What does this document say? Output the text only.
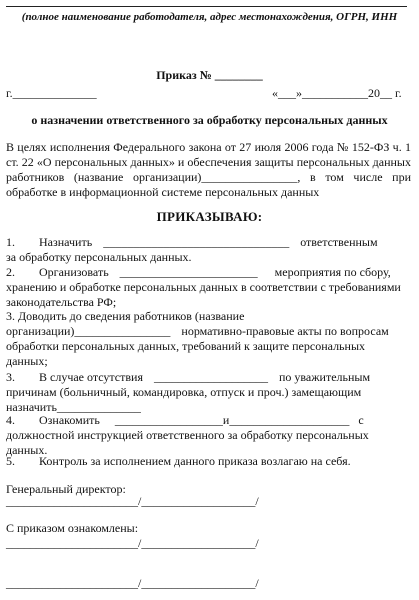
(полное наименование работодателя, адрес местонахождения, ОГРН, ИНН
Приказ № ________
г.______________	«___»___________20__ г.
о назначении ответственного за обработку персональных данных
В целях исполнения Федерального закона от 27 июля 2006 года № 152-ФЗ ч. 1 ст. 22 «О персональных данных» и обеспечения защиты персональных данных работников (название организации)________________, в том числе при обработке в информационной системе персональных данных
ПРИКАЗЫВАЮ:

1. Назначить _______________________________ ответственным

за обработку персональных данных.

2. Организовать _______________________ мероприятия по сбору,

хранению и обработке персональных данных в соответствии с требованиями

законодательства РФ;

3. Доводить до сведения работников (название

организации)________________ нормативно-правовые акты по вопросам

обработки персональных данных, требований к защите персональных

данных;

3. В случае отсутствия ___________________ по уважительным

причинам (больничный, командировка, отпуск и проч.) замещающим

назначить______________

4. Ознакомить __________________и____________________ с

должностной инструкцией ответственного за обработку персональных

данных.

5. Контроль за исполнением данного приказа возлагаю на себя.

Генеральный директор:
______________________/___________________/
С приказом ознакомлены:
______________________/___________________/
______________________/___________________/
